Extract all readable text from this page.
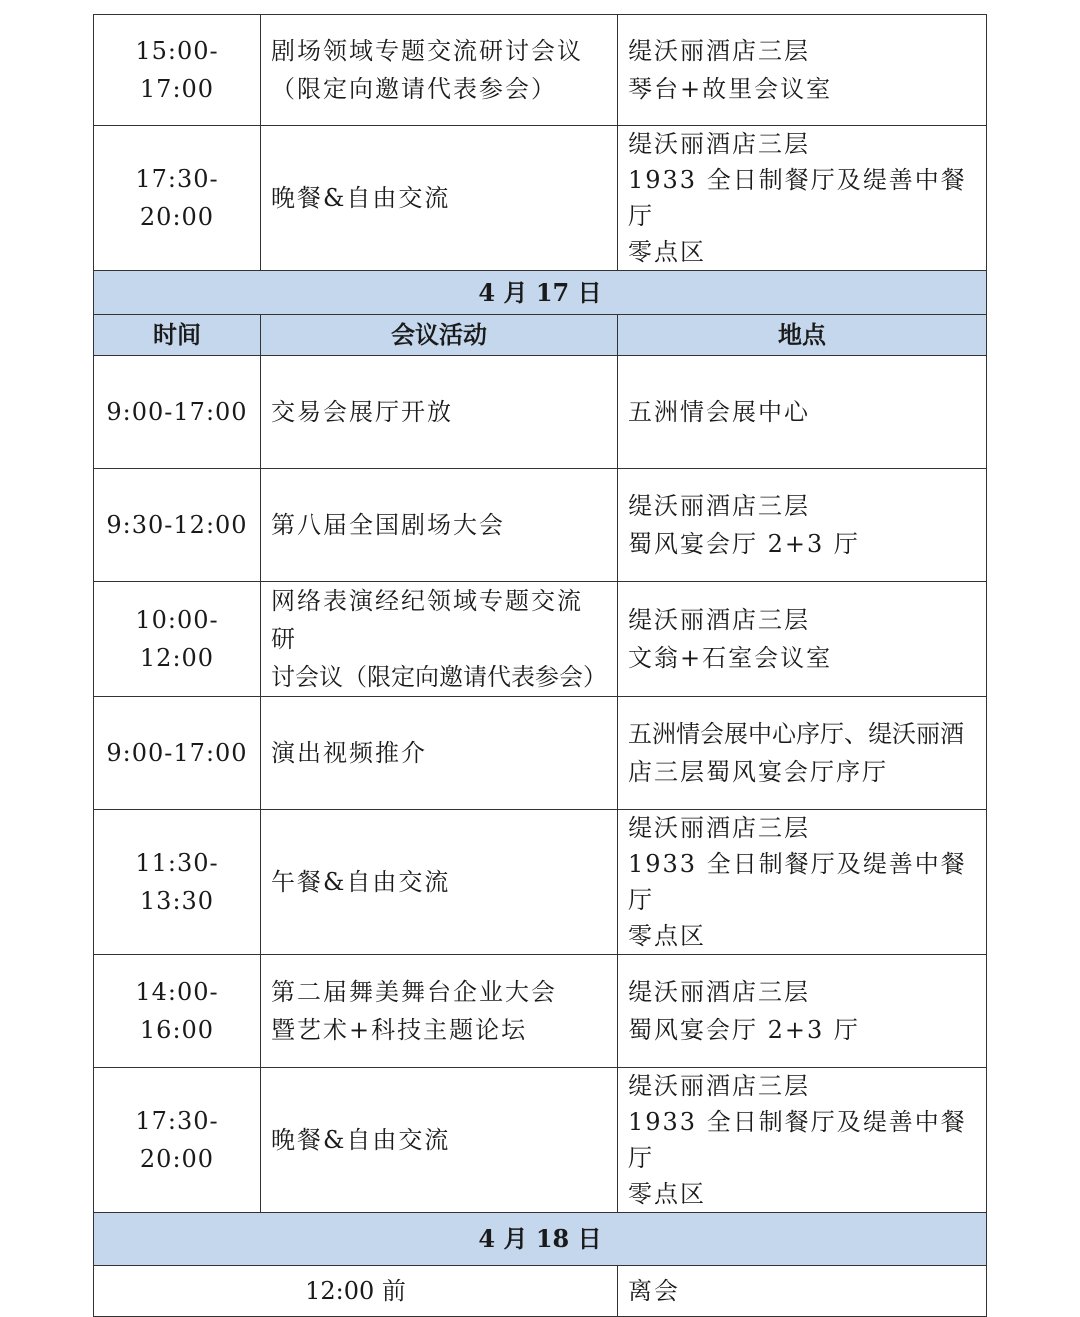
15:00-17:00	剧场领域专题交流研讨会议
（限定向邀请代表参会）	缇沃丽酒店三层
琴台+故里会议室

17:30-20:00	晚餐&自由交流	缇沃丽酒店三层
1933 全日制餐厅及缇善中餐厅
零点区

4 月 17 日		
时间	会议活动	地点
9:00-17:00	交易会展厅开放	五洲情会展中心

9:30-12:00	第八届全国剧场大会	缇沃丽酒店三层
蜀风宴会厅 2+3 厅

10:00-12:00	网络表演经纪领域专题交流研
讨会议（限定向邀请代表参会）	缇沃丽酒店三层
文翁+石室会议室

9:00-17:00	演出视频推介	五洲情会展中心序厅、缇沃丽酒
店三层蜀风宴会厅序厅

11:30-13:30	午餐&自由交流	缇沃丽酒店三层
1933 全日制餐厅及缇善中餐厅
零点区

14:00-16:00	第二届舞美舞台企业大会
暨艺术+科技主题论坛	缇沃丽酒店三层
蜀风宴会厅 2+3 厅

17:30-20:00	晚餐&自由交流	缇沃丽酒店三层
1933 全日制餐厅及缇善中餐厅
零点区

4 月 18 日		
12:00 前		离会
